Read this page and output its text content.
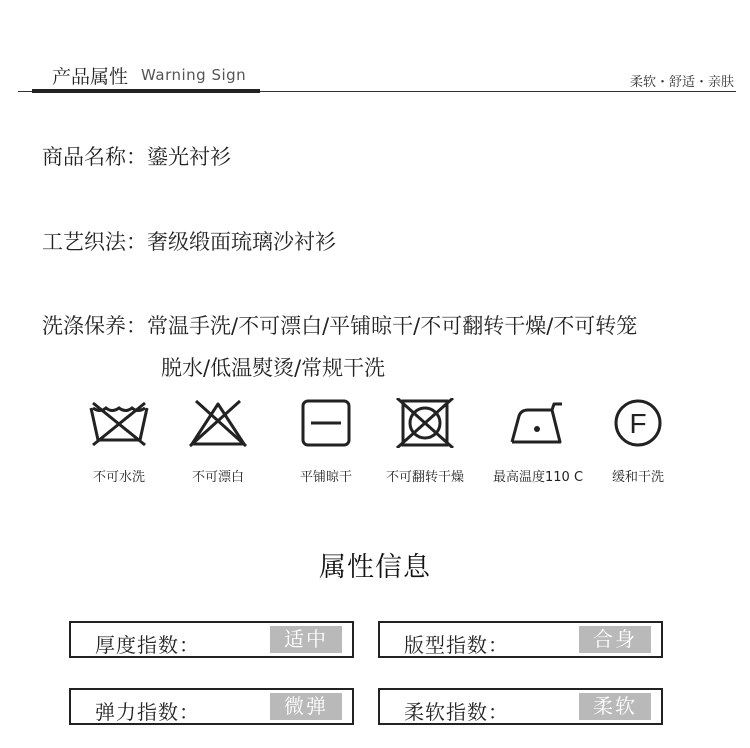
产品属性 Warning Sign	柔软・舒适・亲肤
商品名称：鎏光衬衫
工艺织法：奢级缎面琉璃沙衬衫
洗涤保养：常温手洗/不可漂白/平铺晾干/不可翻转干燥/不可转笼
脱水/低温熨烫/常规干洗
不可水洗	不可漂白	平铺晾干	不可翻转干燥	最高温度110 C
F
缓和干洗
属性信息
厚度指数：	适中	版型指数：	合身
弹力指数：	微弹	柔软指数：	柔软
